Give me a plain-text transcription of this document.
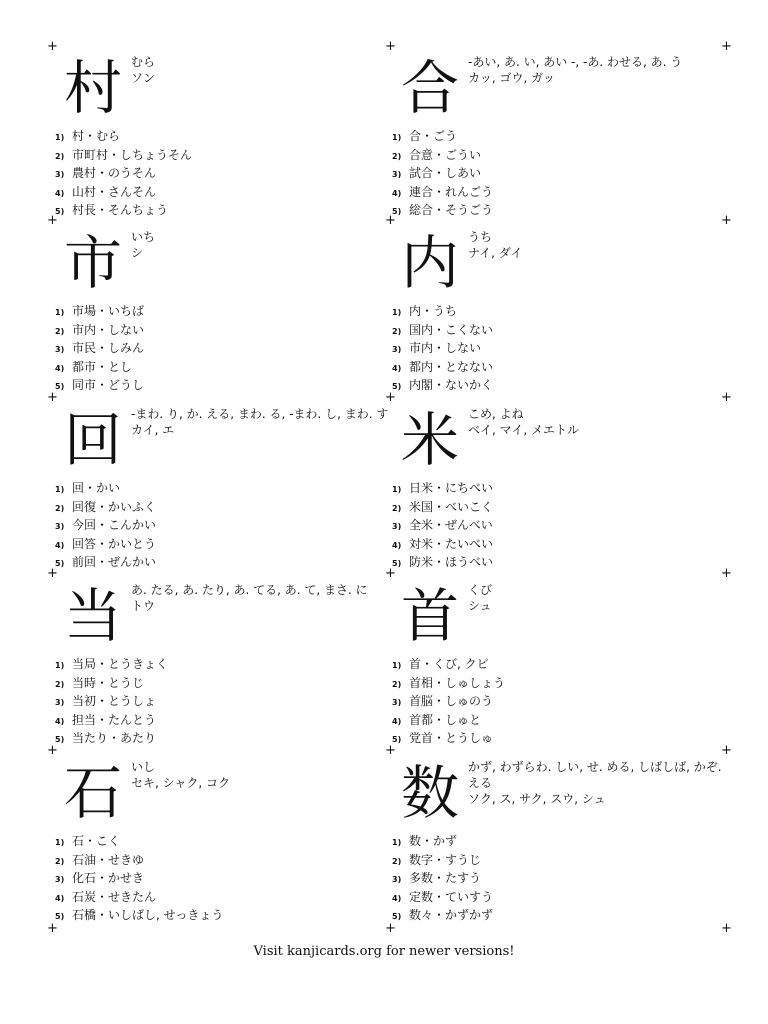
+	+	+
+	+	+
+	+	+
+	+	+
+	+	+
+	+	+
村 むら

ソン

1) 村・むら
2) 市町村・しちょうそん
3) 農村・のうそん
4) 山村・さんそん
5) 村長・そんちょう
合 -あい, あ. い, あい -, -あ. わせる, あ. う

カッ, ゴウ, ガッ

1) 合・ごう
2) 合意・ごうい
3) 試合・しあい
4) 連合・れんごう
5) 総合・そうごう
市 いち

シ

1) 市場・いちば
2) 市内・しない
3) 市民・しみん
4) 都市・とし
5) 同市・どうし
内 うち

ナイ, ダイ

1) 内・うち
2) 国内・こくない
3) 市内・しない
4) 都内・となない
5) 内閣・ないかく
回 -まわ. り, か. える, まわ. る, -まわ. し, まわ. す

カイ, エ

1) 回・かい
2) 回復・かいふく
3) 今回・こんかい
4) 回答・かいとう
5) 前回・ぜんかい
米 こめ, よね

ベイ, マイ, メエトル

1) 日米・にちべい
2) 米国・べいこく
3) 全米・ぜんべい
4) 対米・たいべい
5) 防米・ほうべい
当 あ. たる, あ. たり, あ. てる, あ. て, まさ. に

トウ

1) 当局・とうきょく
2) 当時・とうじ
3) 当初・とうしょ
4) 担当・たんとう
5) 当たり・あたり
首 くび

シュ

1) 首・くび, クビ
2) 首相・しゅしょう
3) 首脳・しゅのう
4) 首都・しゅと
5) 党首・とうしゅ
石 いし

セキ, シャク, コク

1) 石・こく
2) 石油・せきゆ
3) 化石・かせき
4) 石炭・せきたん
5) 石橋・いしばし, せっきょう
数 かず, わずらわ. しい, せ. める, しばしば, かぞ. える

ソク, ス, サク, スウ, シュ

1) 数・かず
2) 数字・すうじ
3) 多数・たすう
4) 定数・ていすう
5) 数々・かずかず
Visit kanjicards.org for newer versions!
